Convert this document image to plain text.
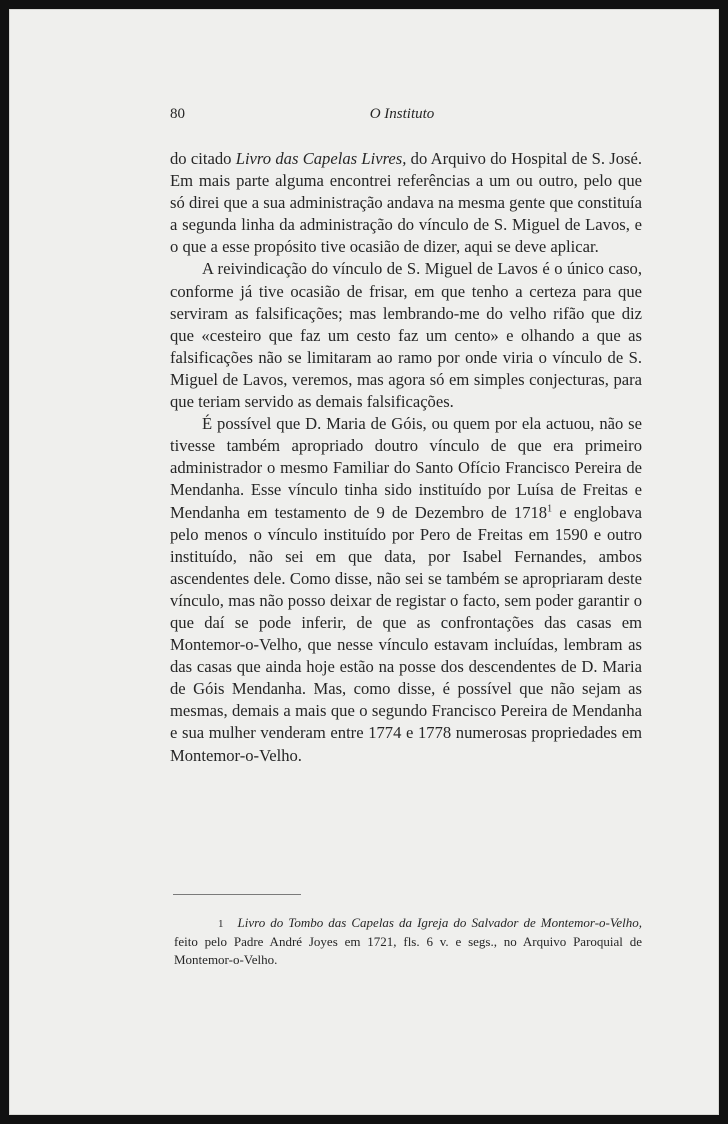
80	O Instituto

do citado Livro das Capelas Livres, do Arquivo do Hospital de S. José. Em mais parte alguma encontrei referências a um ou outro, pelo que só direi que a sua administração andava na mesma gente que constituía a segunda linha da administração do vínculo de S. Miguel de Lavos, e o que a esse propósito tive ocasião de dizer, aqui se deve aplicar.

A reivindicação do vínculo de S. Miguel de Lavos é o único caso, conforme já tive ocasião de frisar, em que tenho a certeza para que serviram as falsificações; mas lembrando-me do velho rifão que diz que «cesteiro que faz um cesto faz um cento» e olhando a que as falsificações não se limitaram ao ramo por onde viria o vínculo de S. Miguel de Lavos, veremos, mas agora só em simples conjecturas, para que teriam servido as demais falsificações.

É possível que D. Maria de Góis, ou quem por ela actuou, não se tivesse também apropriado doutro vínculo de que era primeiro administrador o mesmo Familiar do Santo Ofício Francisco Pereira de Mendanha. Esse vínculo tinha sido instituído por Luísa de Freitas e Mendanha em testamento de 9 de Dezembro de 1718$^1$ e englobava pelo menos o vínculo instituído por Pero de Freitas em 1590 e outro instituído, não sei em que data, por Isabel Fernandes, ambos ascendentes dele. Como disse, não sei se também se apropriaram deste vínculo, mas não posso deixar de registar o facto, sem poder garantir o que daí se pode inferir, de que as confrontações das casas em Montemor-o-Velho, que nesse vínculo estavam incluídas, lembram as das casas que ainda hoje estão na posse dos descendentes de D. Maria de Góis Mendanha. Mas, como disse, é possível que não sejam as mesmas, demais a mais que o segundo Francisco Pereira de Mendanha e sua mulher venderam entre 1774 e 1778 numerosas propriedades em Montemor-o-Velho.

1 Livro do Tombo das Capelas da Igreja do Salvador de Montemor-o-Velho, feito pelo Padre André Joyes em 1721, fls. 6 v. e segs., no Arquivo Paroquial de Montemor-o-Velho.
